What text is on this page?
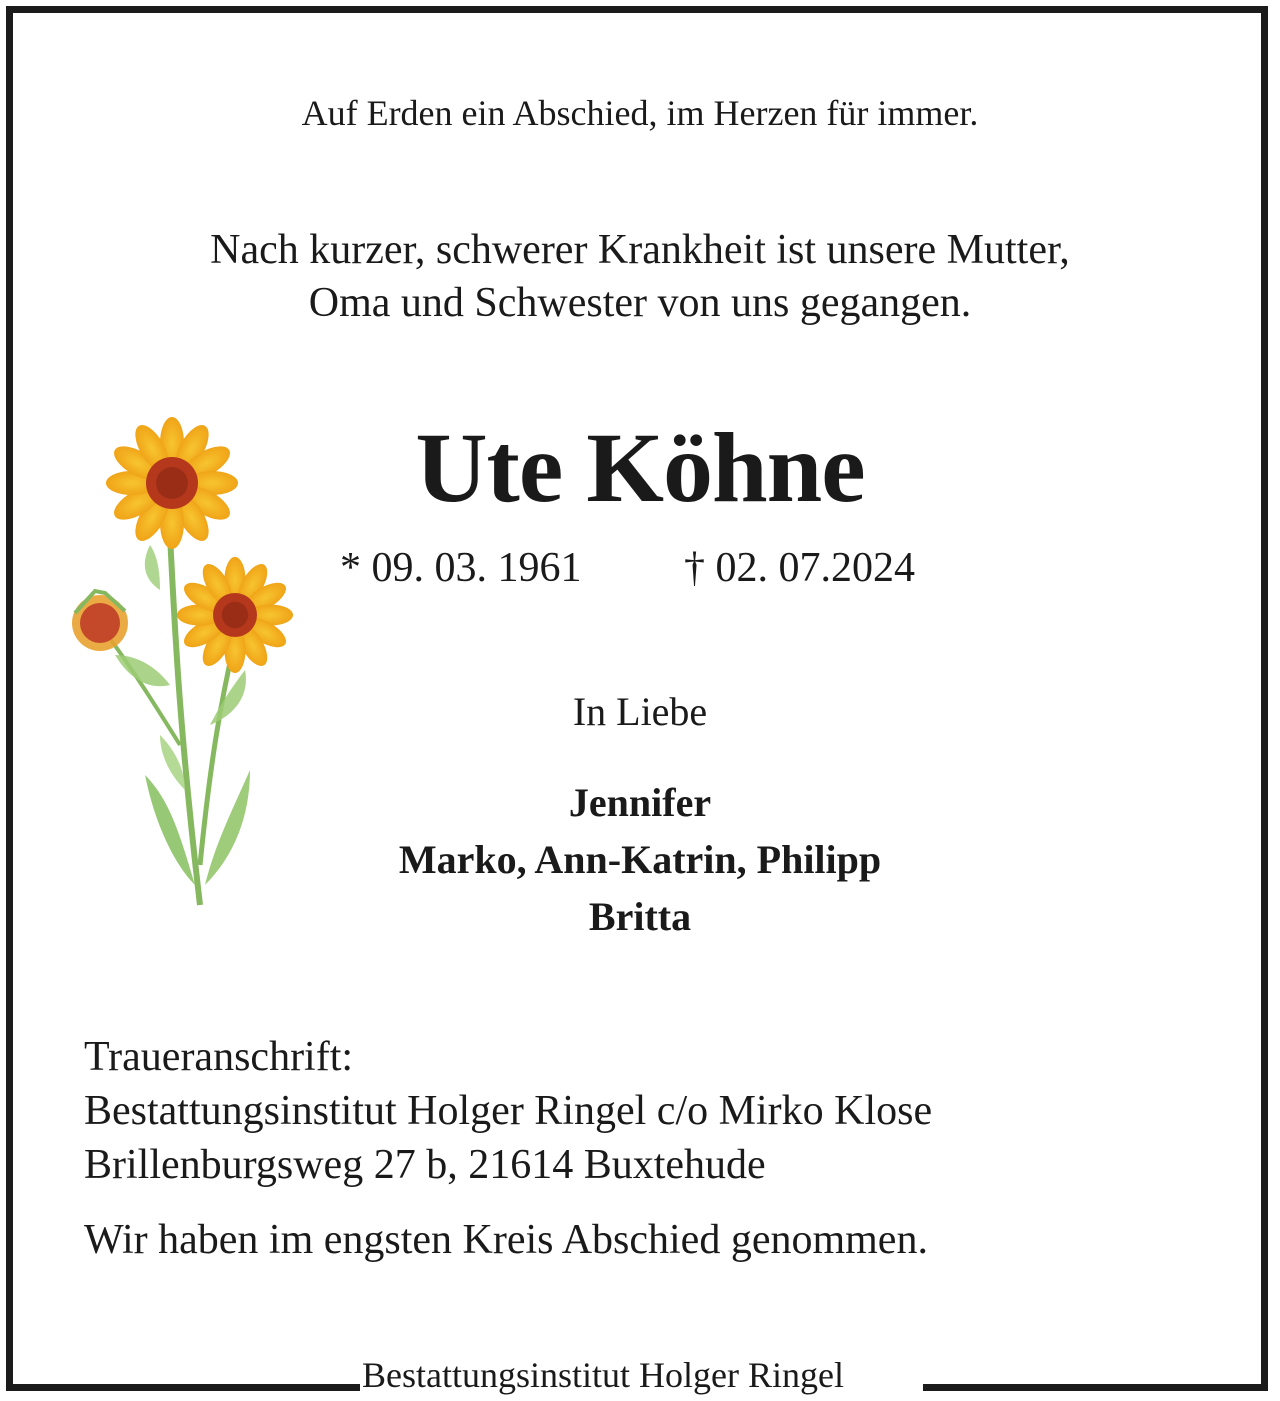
Auf Erden ein Abschied, im Herzen für immer.
Nach kurzer, schwerer Krankheit ist unsere Mutter,
Oma und Schwester von uns gegangen.
Ute Köhne
* 09. 03. 1961 † 02. 07.2024
In Liebe
Jennifer
Marko, Ann-Katrin, Philipp
Britta
Traueranschrift:
Bestattungsinstitut Holger Ringel c/o Mirko Klose
Brillenburgsweg 27 b, 21614 Buxtehude
Wir haben im engsten Kreis Abschied genommen.
Bestattungsinstitut Holger Ringel
